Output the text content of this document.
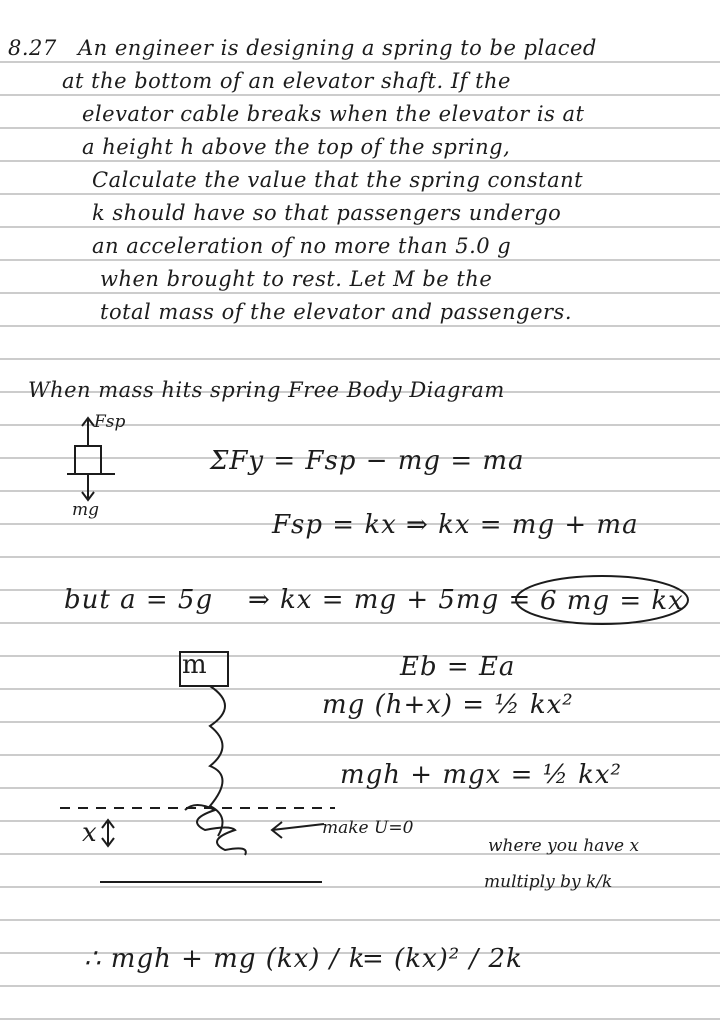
8.27 An engineer is designing a spring to be placed
at the bottom of an elevator shaft. If the
elevator cable breaks when the elevator is at
a height h above the top of the spring,
Calculate the value that the spring constant
k should have so that passengers undergo
an acceleration of no more than 5.0 g
when brought to rest. Let M be the
total mass of the elevator and passengers.
When mass hits spring Free Body Diagram
Fsp
mg
ΣFy = Fsp − mg = ma
Fsp = kx ⇒ kx = mg + ma
but a = 5g ⇒ kx = mg + 5mg = 6 mg = kx
m
x
Eb = Ea
mg (h+x) = ½ kx²
mgh + mgx = ½ kx²
make U=0
where you have x
multiply by k/k
∴ mgh + mg (kx) / k
= (kx)² / 2k
